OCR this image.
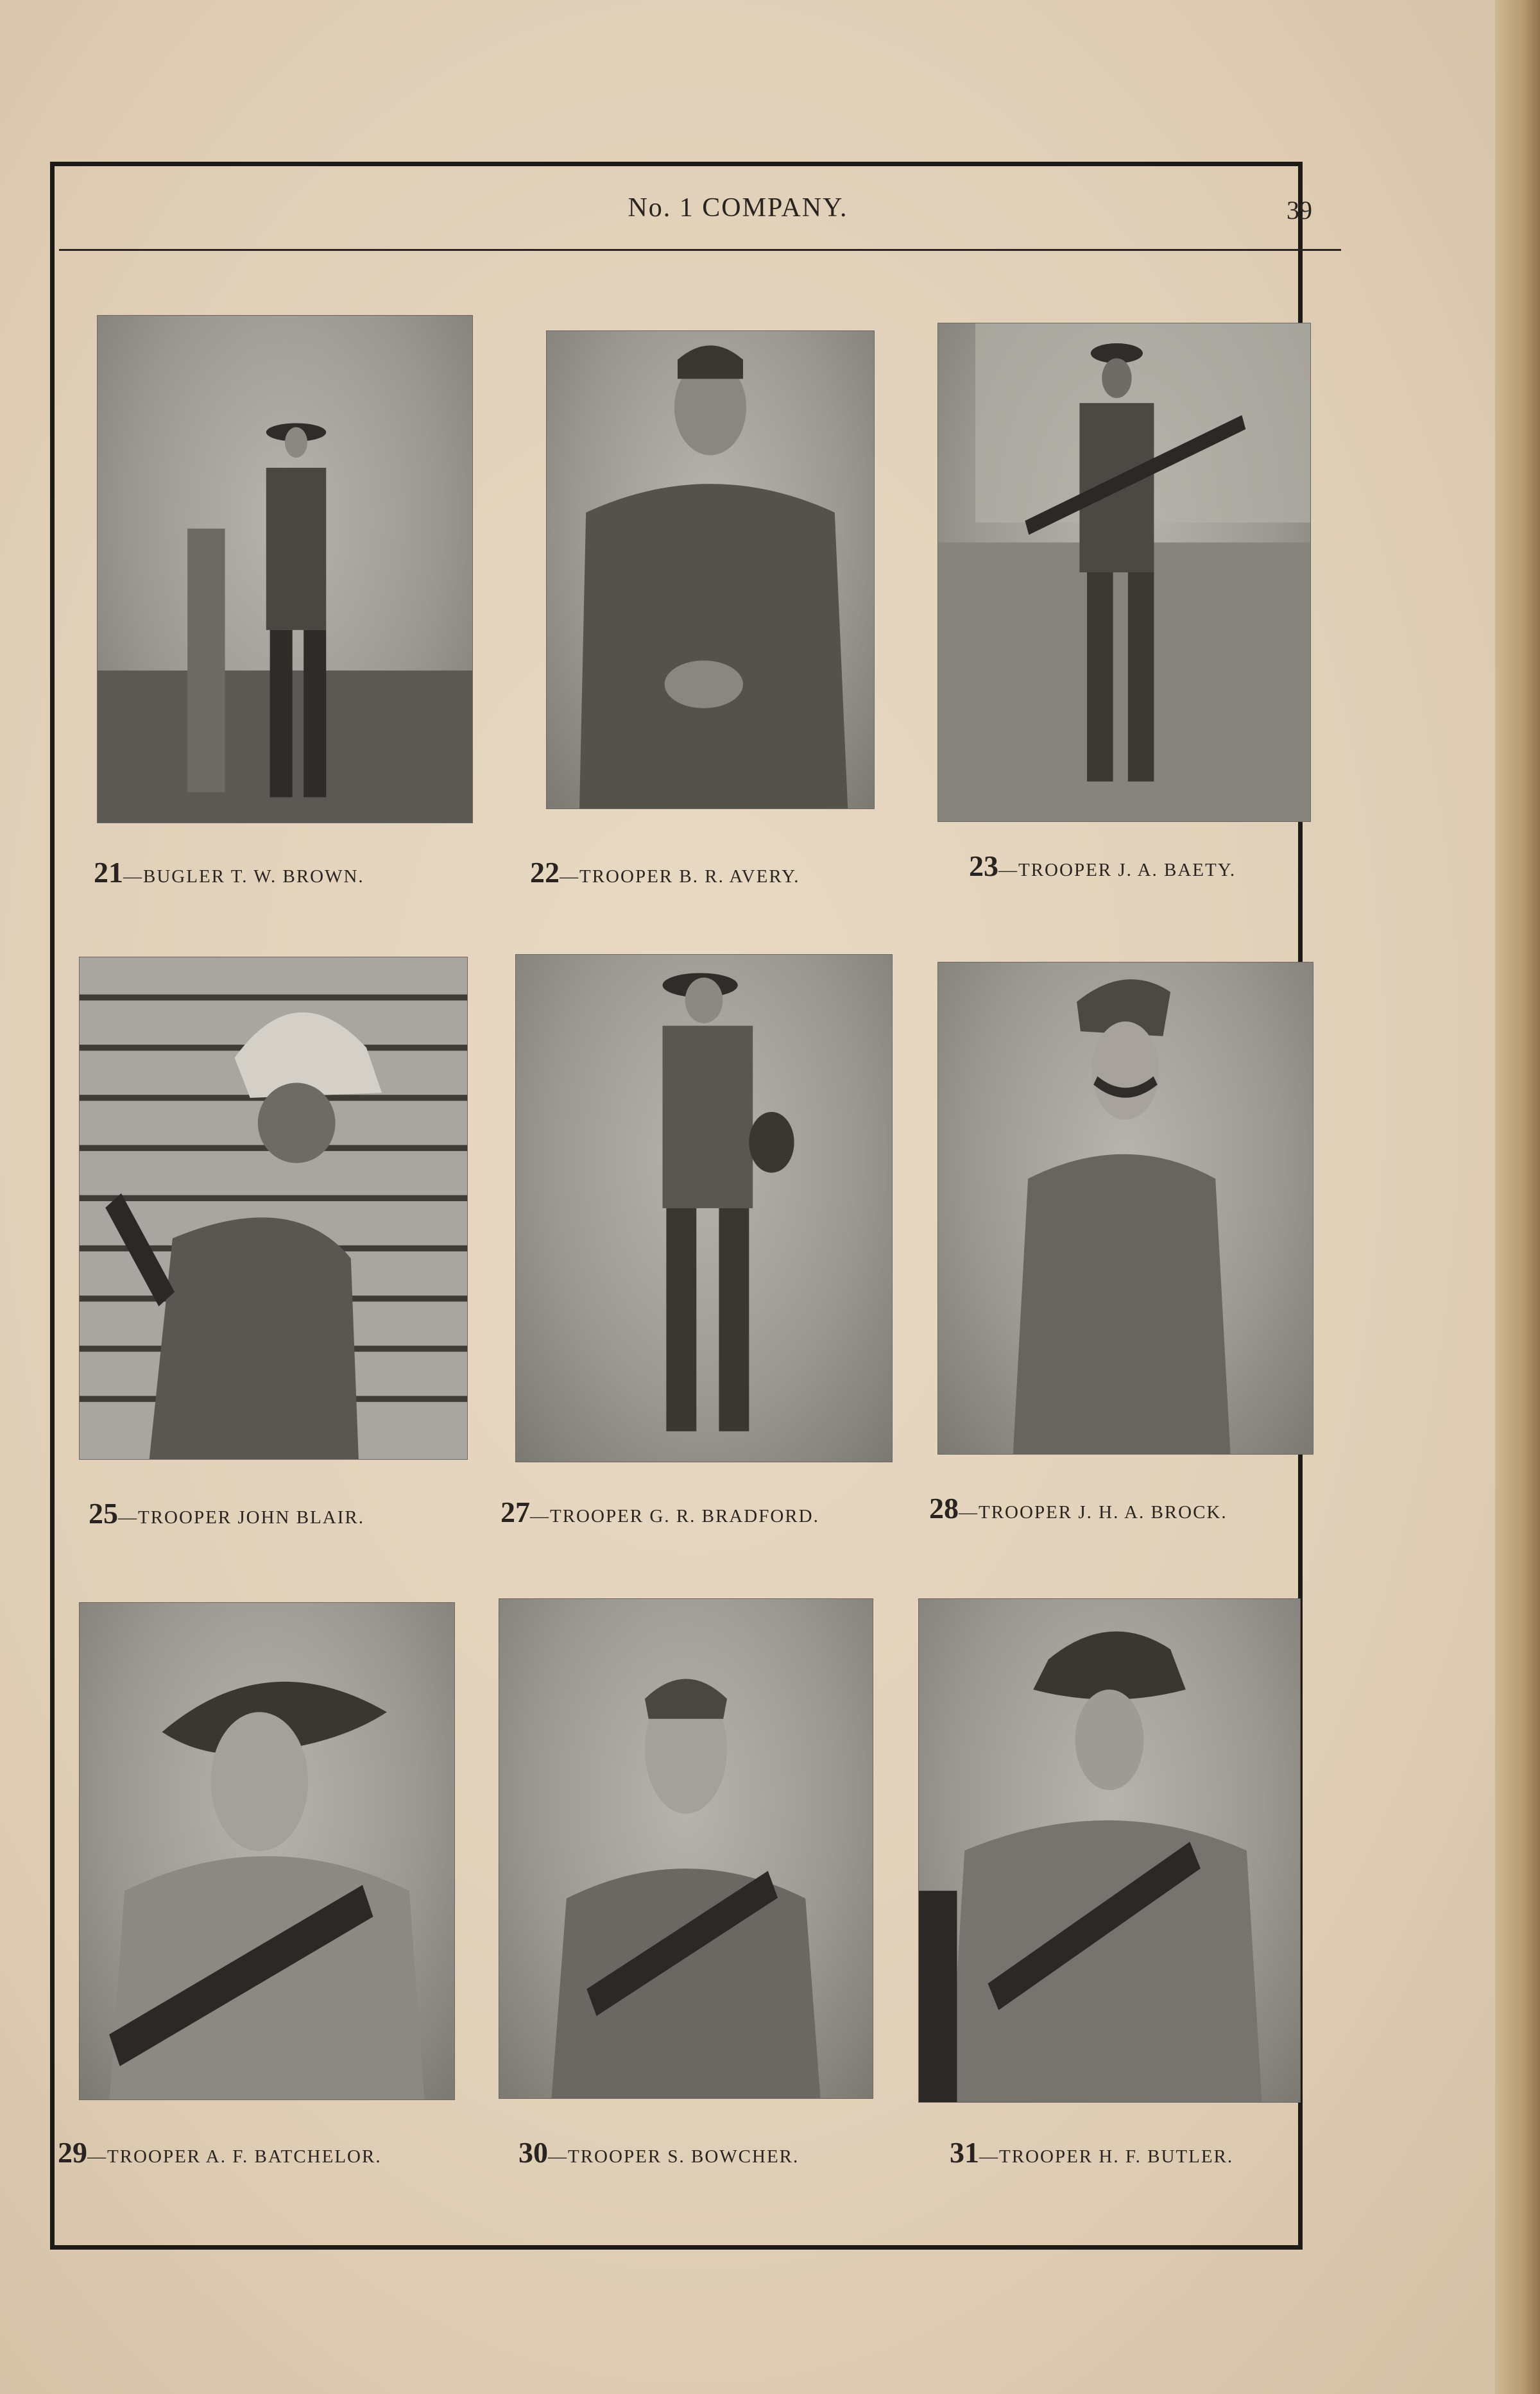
No. 1 COMPANY.	39
21—BUGLER T. W. BROWN.	22—TROOPER B. R. AVERY.	23—TROOPER J. A. BAETY.
25—TROOPER JOHN BLAIR.	27—TROOPER G. R. BRADFORD.	28—TROOPER J. H. A. BROCK.
29—TROOPER A. F. BATCHELOR.	30—TROOPER S. BOWCHER.	31—TROOPER H. F. BUTLER.
